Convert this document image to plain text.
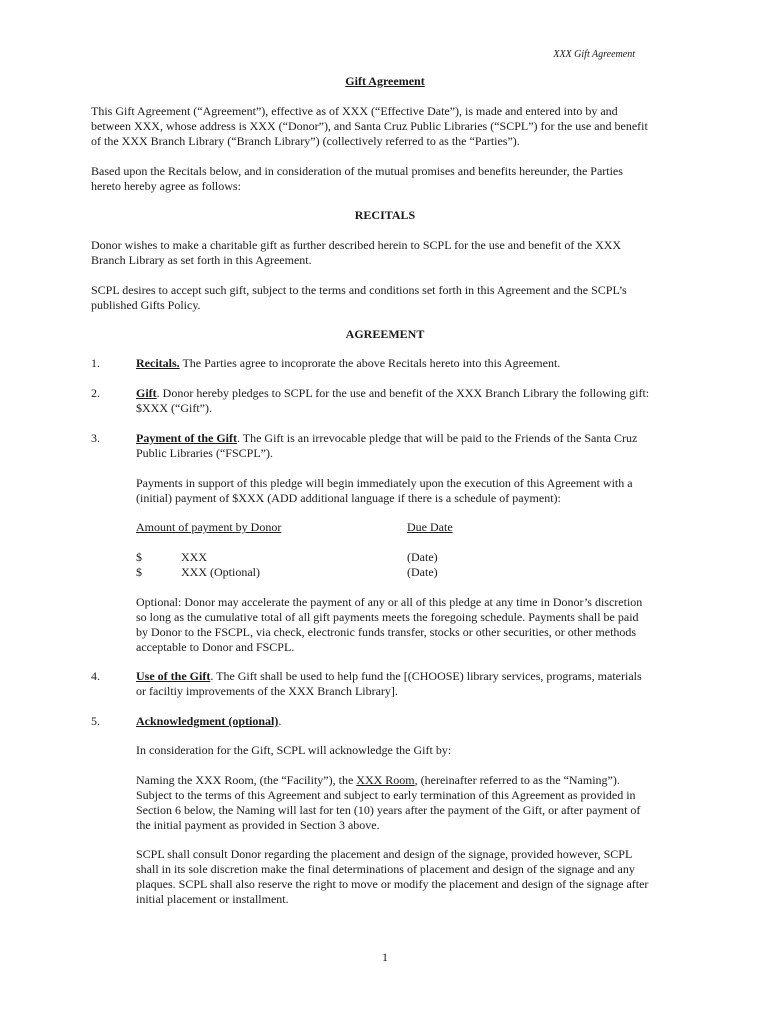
XXX Gift Agreement
Gift Agreement

This Gift Agreement (“Agreement”), effective as of XXX (“Effective Date”), is made and entered into by and
between XXX, whose address is XXX (“Donor”), and Santa Cruz Public Libraries (“SCPL”) for the use and benefit
of the XXX Branch Library (“Branch Library”) (collectively referred to as the “Parties”).

Based upon the Recitals below, and in consideration of the mutual promises and benefits hereunder, the Parties
hereto hereby agree as follows:

RECITALS

Donor wishes to make a charitable gift as further described herein to SCPL for the use and benefit of the XXX
Branch Library as set forth in this Agreement.

SCPL desires to accept such gift, subject to the terms and conditions set forth in this Agreement and the SCPL’s
published Gifts Policy.

AGREEMENT
1.	Recitals. The Parties agree to incoprorate the above Recitals hereto into this Agreement.

2.	Gift. Donor hereby pledges to SCPL for the use and benefit of the XXX Branch Library the following gift:
$XXX (“Gift”).

3.	Payment of the Gift. The Gift is an irrevocable pledge that will be paid to the Friends of the Santa Cruz
Public Libraries (“FSCPL”).

Payments in support of this pledge will begin immediately upon the execution of this Agreement with a
(initial) payment of $XXX (ADD additional language if there is a schedule of payment):

Amount of payment by Donor	Due Date
$	XXX	(Date)
$	XXX (Optional)	(Date)

Optional: Donor may accelerate the payment of any or all of this pledge at any time in Donor’s discretion
so long as the cumulative total of all gift payments meets the foregoing schedule. Payments shall be paid
by Donor to the FSCPL, via check, electronic funds transfer, stocks or other securities, or other methods
acceptable to Donor and FSCPL.

4.	Use of the Gift. The Gift shall be used to help fund the [(CHOOSE) library services, programs, materials
or faciltiy improvements of the XXX Branch Library].

5.	Acknowledgment (optional).

In consideration for the Gift, SCPL will acknowledge the Gift by:

Naming the XXX Room, (the “Facility”), the XXX Room, (hereinafter referred to as the “Naming”).
Subject to the terms of this Agreement and subject to early termination of this Agreement as provided in
Section 6 below, the Naming will last for ten (10) years after the payment of the Gift, or after payment of
the initial payment as provided in Section 3 above.

SCPL shall consult Donor regarding the placement and design of the signage, provided however, SCPL
shall in its sole discretion make the final determinations of placement and design of the signage and any
plaques. SCPL shall also reserve the right to move or modify the placement and design of the signage after
initial placement or installment.

1
